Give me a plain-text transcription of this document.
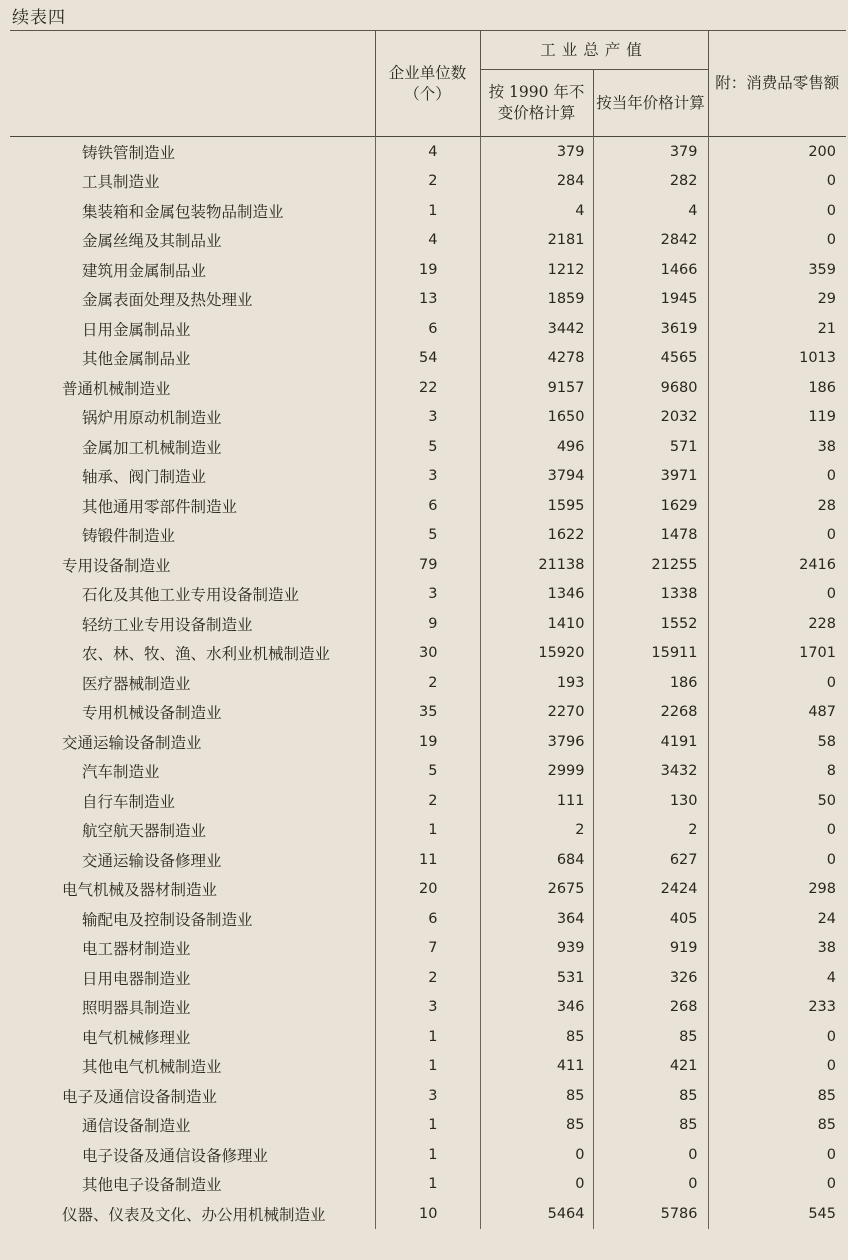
续表四
	企业单位数（个）	工业总产值		附：消费品零售额
		按 1990 年不变价格计算	按当年价格计算	
铸铁管制造业	4	379	379	200
工具制造业	2	284	282	0
集装箱和金属包装物品制造业	1	4	4	0
金属丝绳及其制品业	4	2181	2842	0
建筑用金属制品业	19	1212	1466	359
金属表面处理及热处理业	13	1859	1945	29
日用金属制品业	6	3442	3619	21
其他金属制品业	54	4278	4565	1013
普通机械制造业	22	9157	9680	186
锅炉用原动机制造业	3	1650	2032	119
金属加工机械制造业	5	496	571	38
轴承、阀门制造业	3	3794	3971	0
其他通用零部件制造业	6	1595	1629	28
铸锻件制造业	5	1622	1478	0
专用设备制造业	79	21138	21255	2416
石化及其他工业专用设备制造业	3	1346	1338	0
轻纺工业专用设备制造业	9	1410	1552	228
农、林、牧、渔、水利业机械制造业	30	15920	15911	1701
医疗器械制造业	2	193	186	0
专用机械设备制造业	35	2270	2268	487
交通运输设备制造业	19	3796	4191	58
汽车制造业	5	2999	3432	8
自行车制造业	2	111	130	50
航空航天器制造业	1	2	2	0
交通运输设备修理业	11	684	627	0
电气机械及器材制造业	20	2675	2424	298
输配电及控制设备制造业	6	364	405	24
电工器材制造业	7	939	919	38
日用电器制造业	2	531	326	4
照明器具制造业	3	346	268	233
电气机械修理业	1	85	85	0
其他电气机械制造业	1	411	421	0
电子及通信设备制造业	3	85	85	85
通信设备制造业	1	85	85	85
电子设备及通信设备修理业	1	0	0	0
其他电子设备制造业	1	0	0	0
仪器、仪表及文化、办公用机械制造业	10	5464	5786	545
